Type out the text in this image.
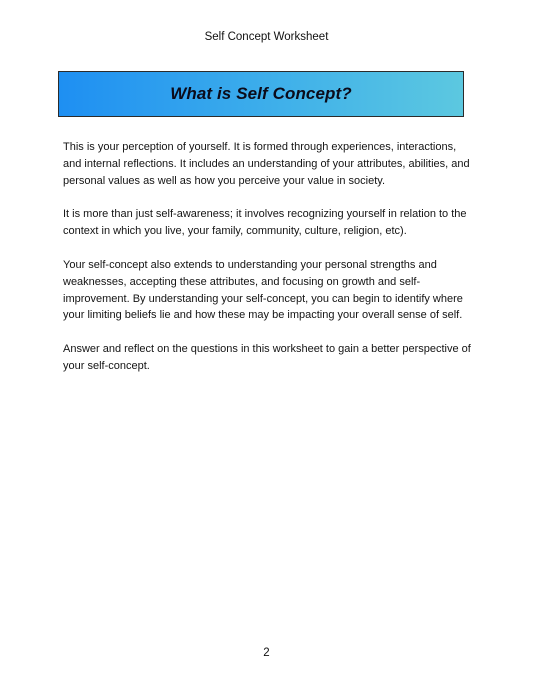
Self Concept Worksheet
What is Self Concept?

This is your perception of yourself. It is formed through experiences, interactions, and internal reflections. It includes an understanding of your attributes, abilities, and personal values as well as how you perceive your value in society.

It is more than just self-awareness; it involves recognizing yourself in relation to the context in which you live, your family, community, culture, religion, etc).

Your self-concept also extends to understanding your personal strengths and weaknesses, accepting these attributes, and focusing on growth and self-improvement. By understanding your self-concept, you can begin to identify where your limiting beliefs lie and how these may be impacting your overall sense of self.

Answer and reflect on the questions in this worksheet to gain a better perspective of your self-concept.

2
